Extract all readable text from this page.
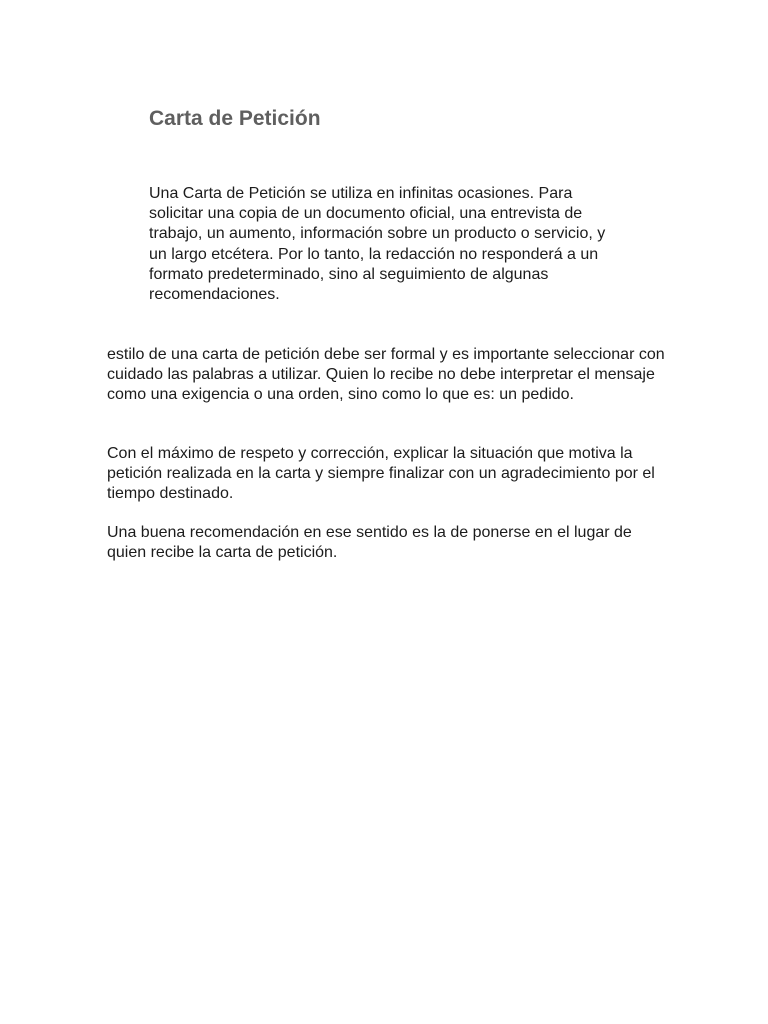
Carta de Petición

Una Carta de Petición se utiliza en infinitas ocasiones. Para solicitar una copia de un documento oficial, una entrevista de trabajo, un aumento, información sobre un producto o servicio, y un largo etcétera. Por lo tanto, la redacción no responderá a un formato predeterminado, sino al seguimiento de algunas recomendaciones.

estilo de una carta de petición debe ser formal y es importante seleccionar con cuidado las palabras a utilizar. Quien lo recibe no debe interpretar el mensaje como una exigencia o una orden, sino como lo que es: un pedido.

Con el máximo de respeto y corrección, explicar la situación que motiva la petición realizada en la carta y siempre finalizar con un agradecimiento por el tiempo destinado.

Una buena recomendación en ese sentido es la de ponerse en el lugar de quien recibe la carta de petición.
